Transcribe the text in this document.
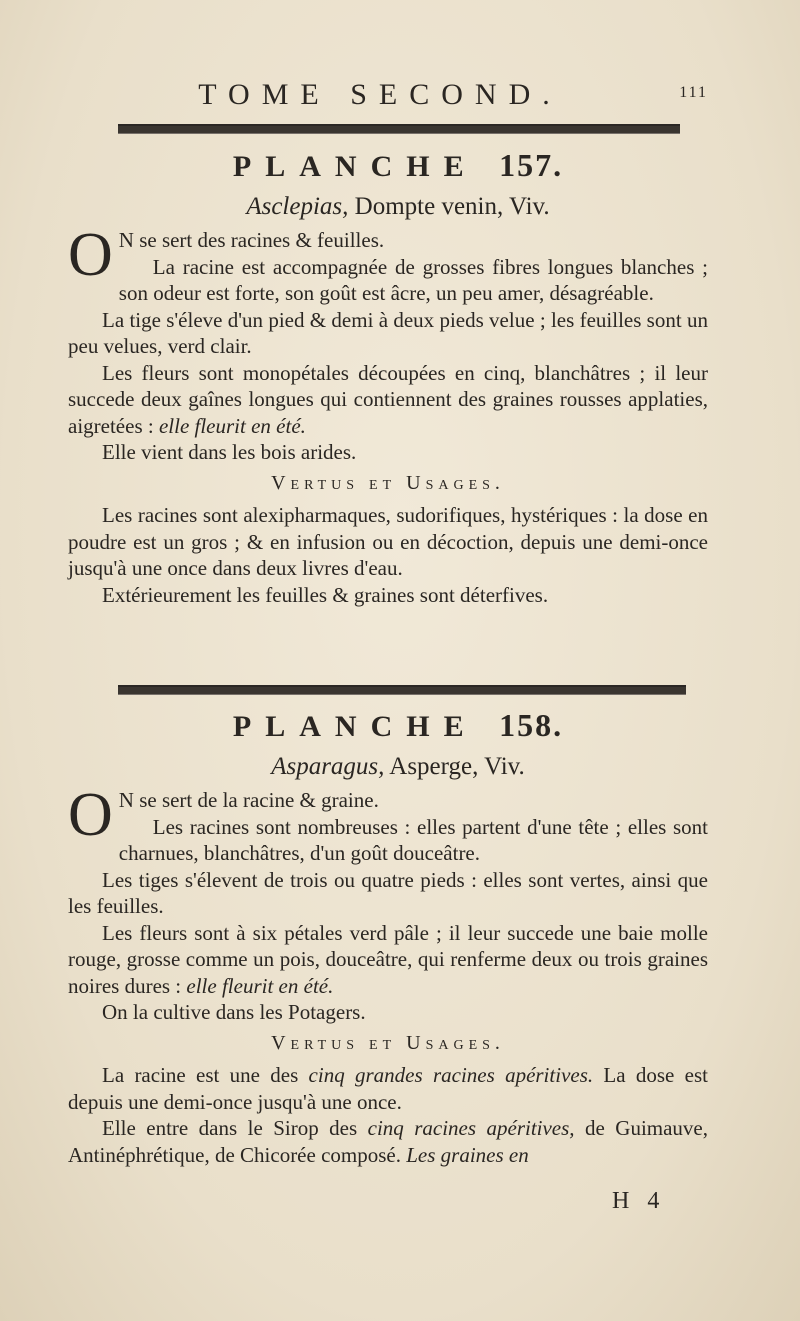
TOME SECOND.	111
PLANCHE 157.
Asclepias, Dompte venin, Viv.

O N se sert des racines & feuilles.

La racine est accompagnée de grosses fibres longues blanches ; son odeur est forte, son goût est âcre, un peu amer, désagréable.

La tige s'éleve d'un pied & demi à deux pieds velue ; les feuilles sont un peu velues, verd clair.

Les fleurs sont monopétales découpées en cinq, blanchâtres ; il leur succede deux gaînes longues qui contiennent des graines rousses applaties, aigretées : elle fleurit en été.

Elle vient dans les bois arides.

Vertus et Usages.

Les racines sont alexipharmaques, sudorifiques, hystériques : la dose en poudre est un gros ; & en infusion ou en décoction, depuis une demi-once jusqu'à une once dans deux livres d'eau.

Extérieurement les feuilles & graines sont déterfives.

PLANCHE 158.
Asparagus, Asperge, Viv.

O N se sert de la racine & graine.

Les racines sont nombreuses : elles partent d'une tête ; elles sont charnues, blanchâtres, d'un goût douceâtre.

Les tiges s'élevent de trois ou quatre pieds : elles sont vertes, ainsi que les feuilles.

Les fleurs sont à six pétales verd pâle ; il leur succede une baie molle rouge, grosse comme un pois, douceâtre, qui renferme deux ou trois graines noires dures : elle fleurit en été.

On la cultive dans les Potagers.

Vertus et Usages.

La racine est une des cinq grandes racines apéritives. La dose est depuis une demi-once jusqu'à une once.

Elle entre dans le Sirop des cinq racines apéritives, de Guimauve, Antinéphrétique, de Chicorée composé. Les graines en

H 4
